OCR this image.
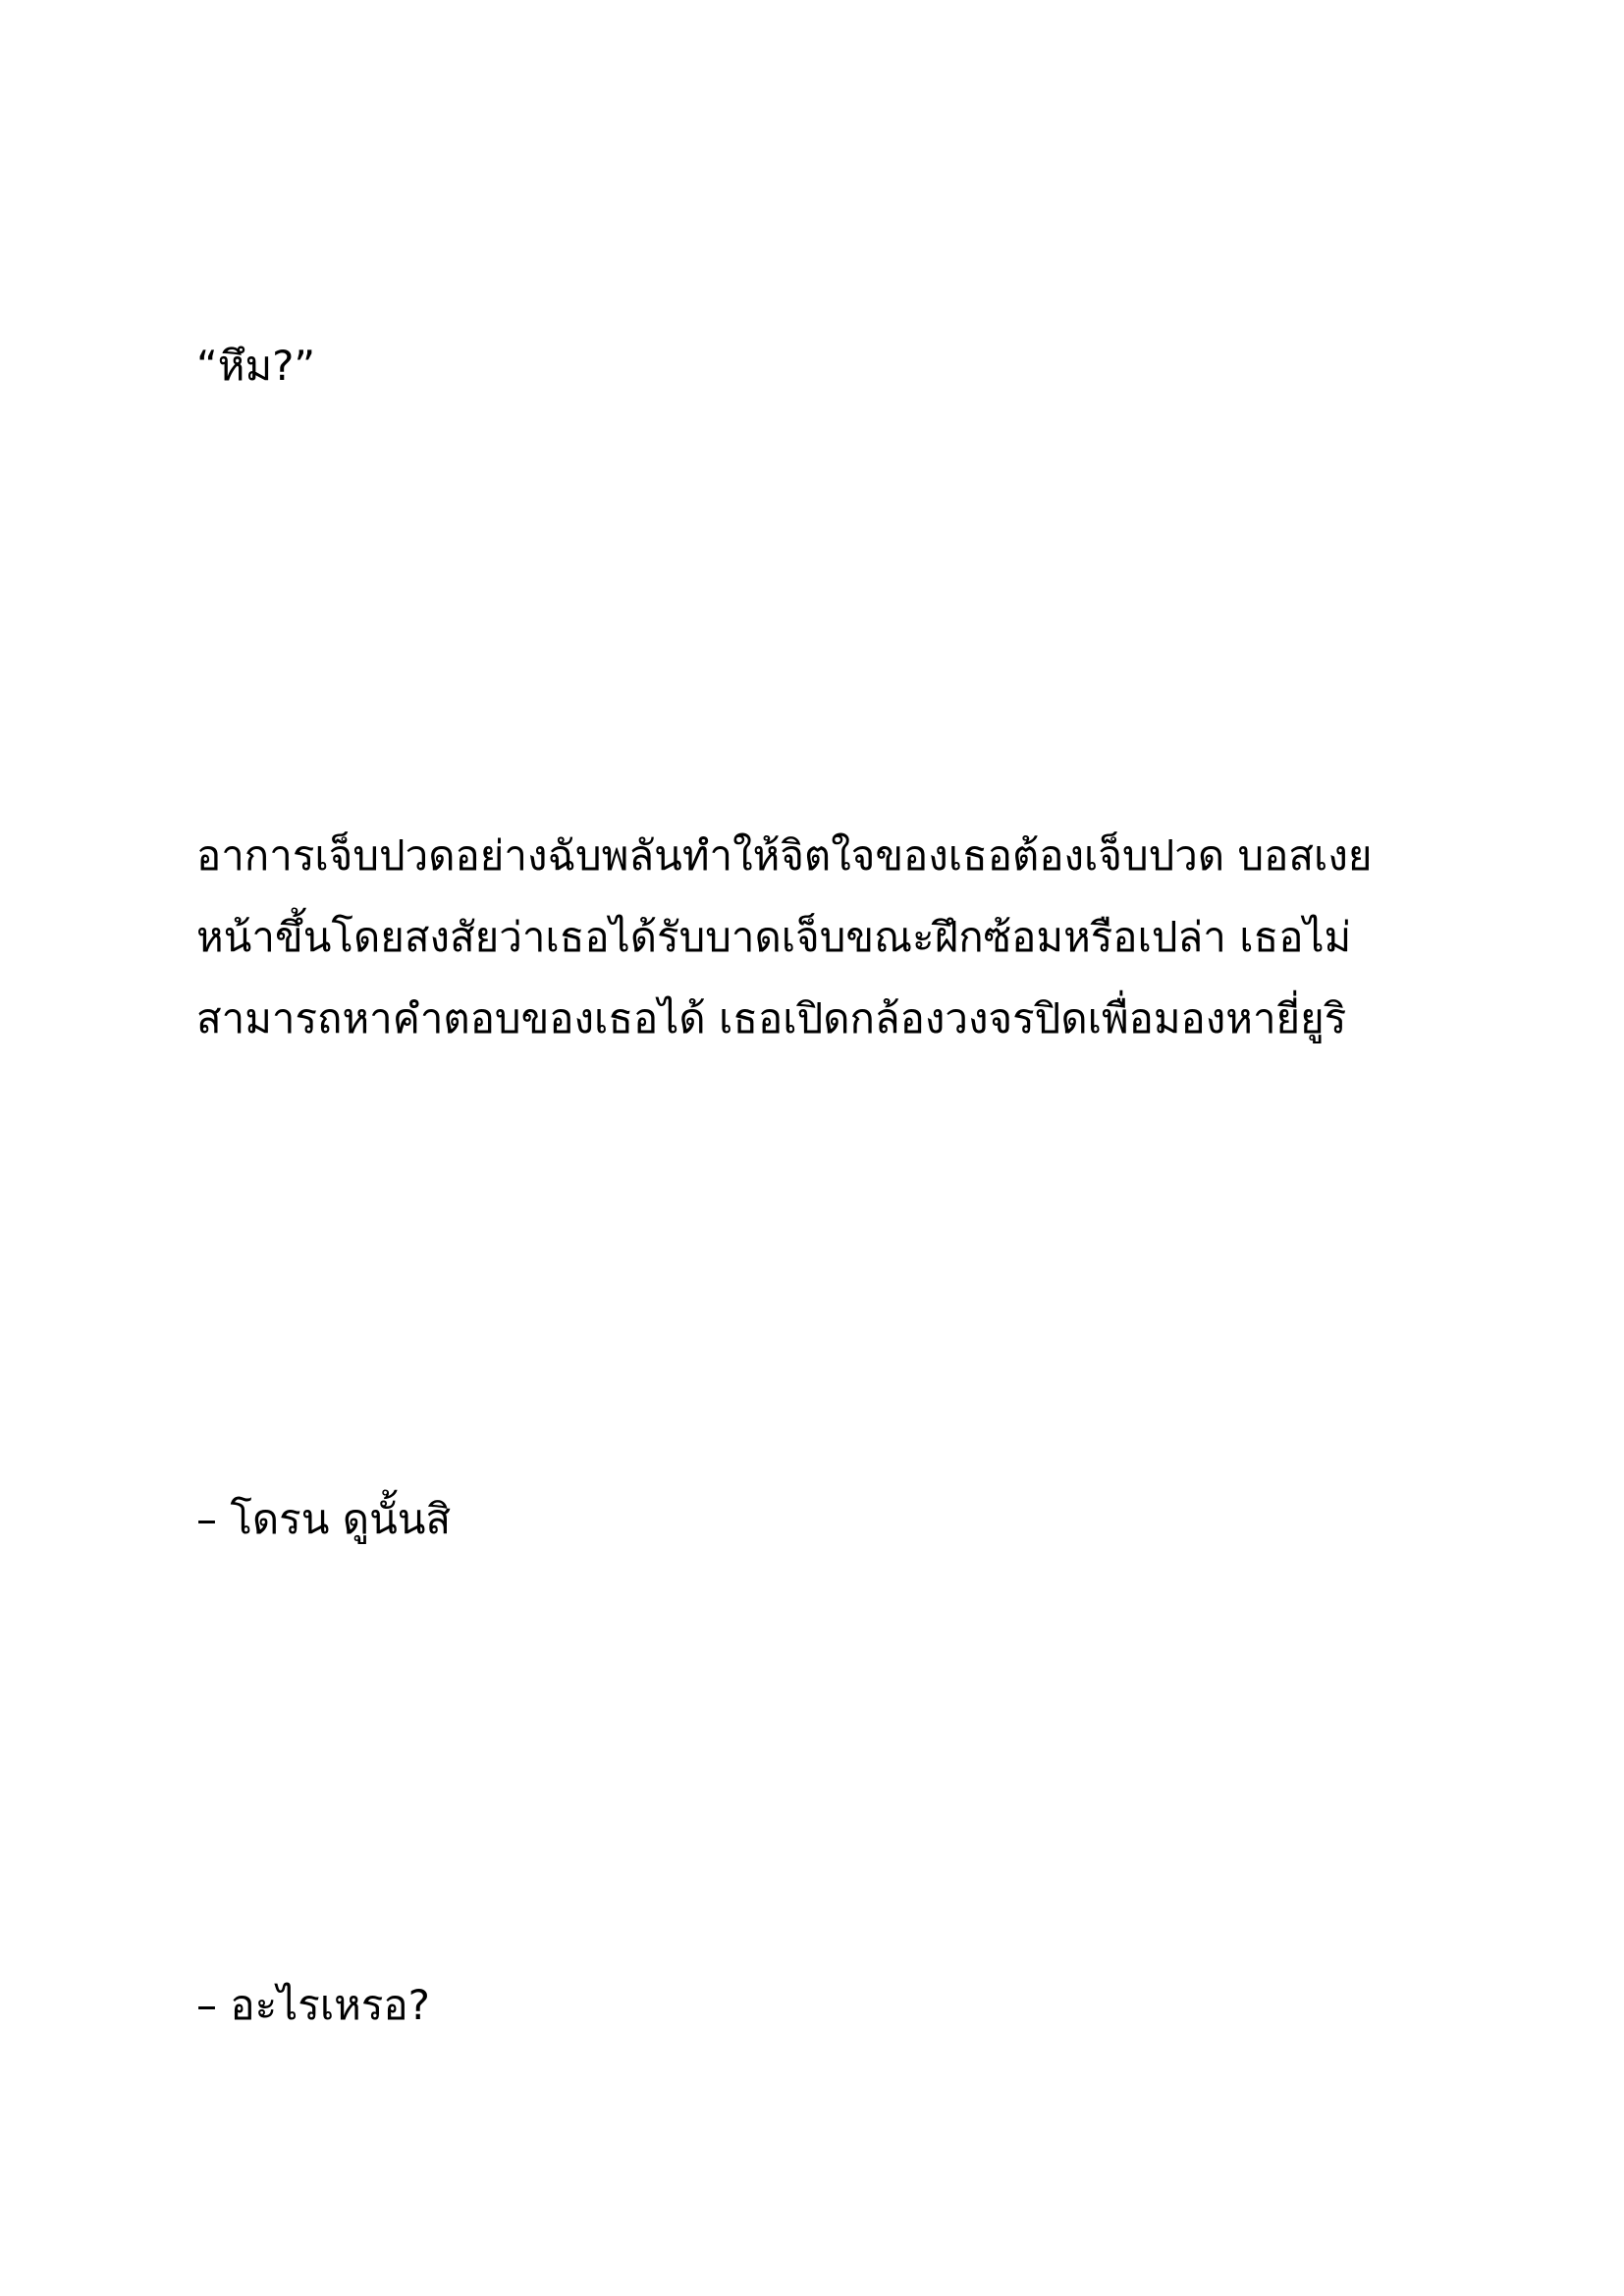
“หึม?”

อาการเจ็บปวดอย่างฉับพลันทำให้จิตใจของเธอต้องเจ็บปวด บอสเงย
หน้าขึ้นโดยสงสัยว่าเธอได้รับบาดเจ็บขณะฝึกซ้อมหรือเปล่า เธอไม่
สามารถหาคำตอบของเธอได้ เธอเปิดกล้องวงจรปิดเพื่อมองหายี่ยูริ

– โดรน ดูนั้นสิ

– อะไรเหรอ?
